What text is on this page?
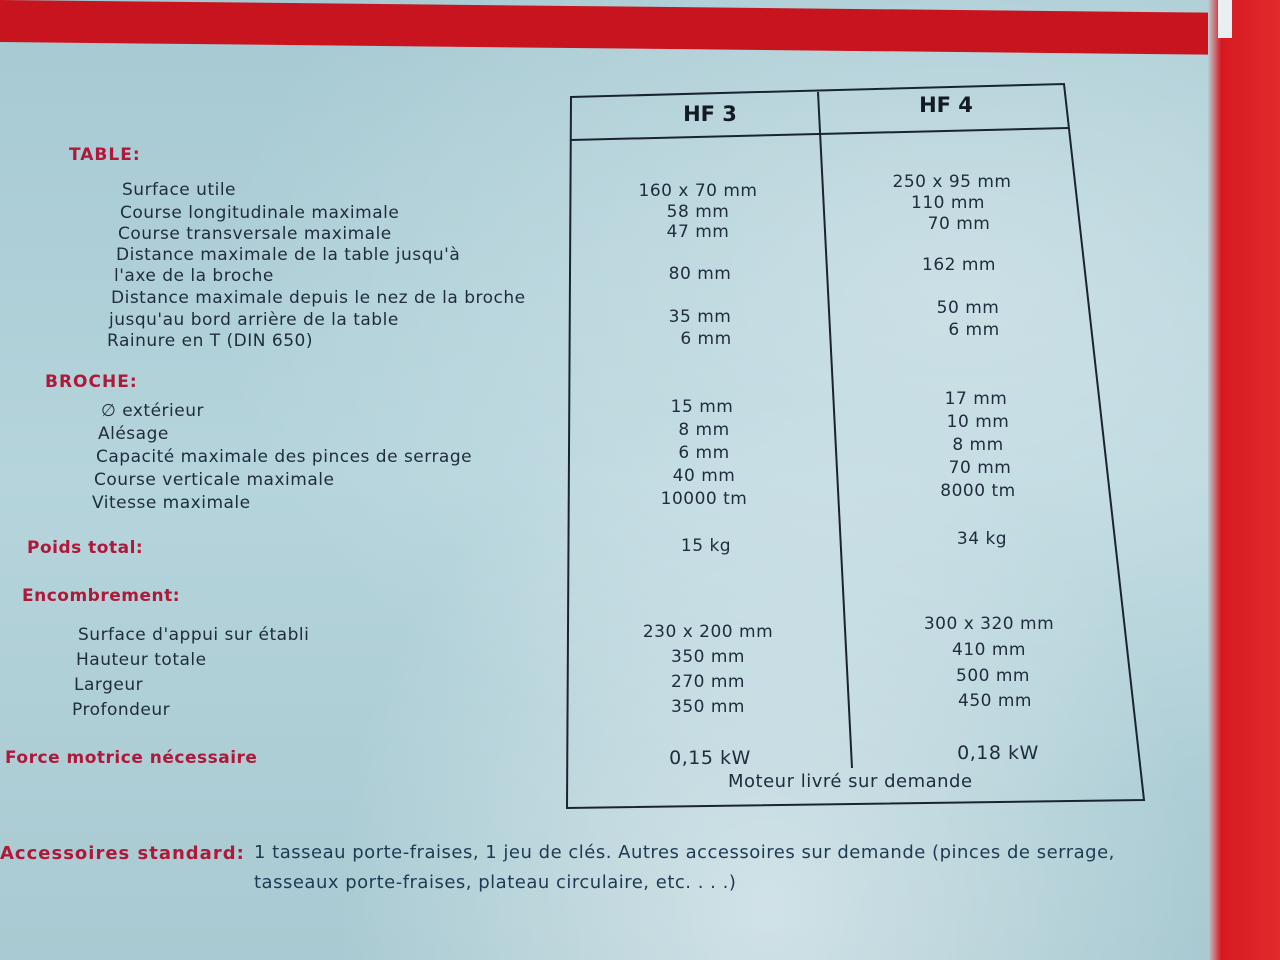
HF 3	HF 4
TABLE:
Surface utile	160 x 70 mm	250 x 95 mm
Course longitudinale maximale	58 mm	110 mm
Course transversale maximale	47 mm	70 mm
Distance maximale de la table jusqu'à
l'axe de la broche	80 mm	162 mm
Distance maximale depuis le nez de la broche
jusqu'au bord arrière de la table	35 mm	50 mm
Rainure en T (DIN 650)	6 mm	6 mm
BROCHE:
∅ extérieur	15 mm	17 mm
Alésage	8 mm	10 mm
Capacité maximale des pinces de serrage	6 mm	8 mm
Course verticale maximale	40 mm	70 mm
Vitesse maximale	10000 tm	8000 tm
Poids total:	15 kg	34 kg
Encombrement:
Surface d'appui sur établi	230 x 200 mm	300 x 320 mm
Hauteur totale	350 mm	410 mm
Largeur	270 mm	500 mm
Profondeur	350 mm	450 mm
Force motrice nécessaire	0,15 kW	0,18 kW
Moteur livré sur demande
Accessoires standard: 1 tasseau porte-fraises, 1 jeu de clés. Autres accessoires sur demande (pinces de serrage,
tasseaux porte-fraises, plateau circulaire, etc. . . .)
